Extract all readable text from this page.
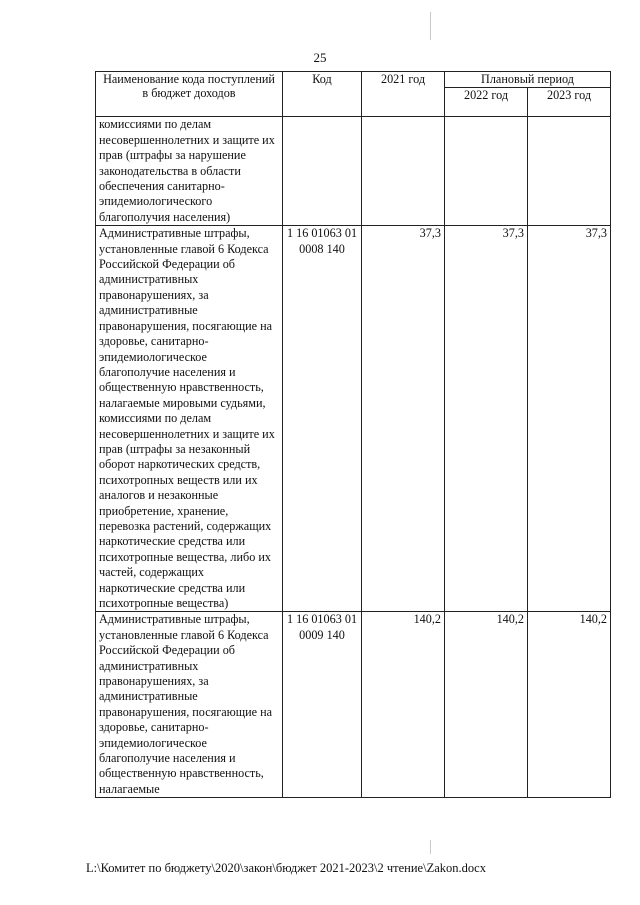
25
Наименование кода поступлений в бюджет доходов	Код	2021 год	Плановый период	
			2022 год	2023 год
комиссиями по делам несовершеннолетних и защите их прав (штрафы за нарушение законодательства в области обеспечения санитарно-эпидемиологического благополучия населения)				
Административные штрафы, установленные главой 6 Кодекса Российской Федерации об административных правонарушениях, за административные правонарушения, посягающие на здоровье, санитарно-эпидемиологическое благополучие населения и общественную нравственность, налагаемые мировыми судьями, комиссиями по делам несовершеннолетних и защите их прав (штрафы за незаконный оборот наркотических средств, психотропных веществ или их аналогов и незаконные приобретение, хранение, перевозка растений, содержащих наркотические средства или психотропные вещества, либо их частей, содержащих наркотические средства или психотропные вещества)	1 16 01063 01 0008 140	37,3	37,3	37,3
Административные штрафы, установленные главой 6 Кодекса Российской Федерации об административных правонарушениях, за административные правонарушения, посягающие на здоровье, санитарно-эпидемиологическое благополучие населения и общественную нравственность, налагаемые	1 16 01063 01 0009 140	140,2	140,2	140,2
L:\Комитет по бюджету\2020\закон\бюджет 2021-2023\2 чтение\Zakon.docx
